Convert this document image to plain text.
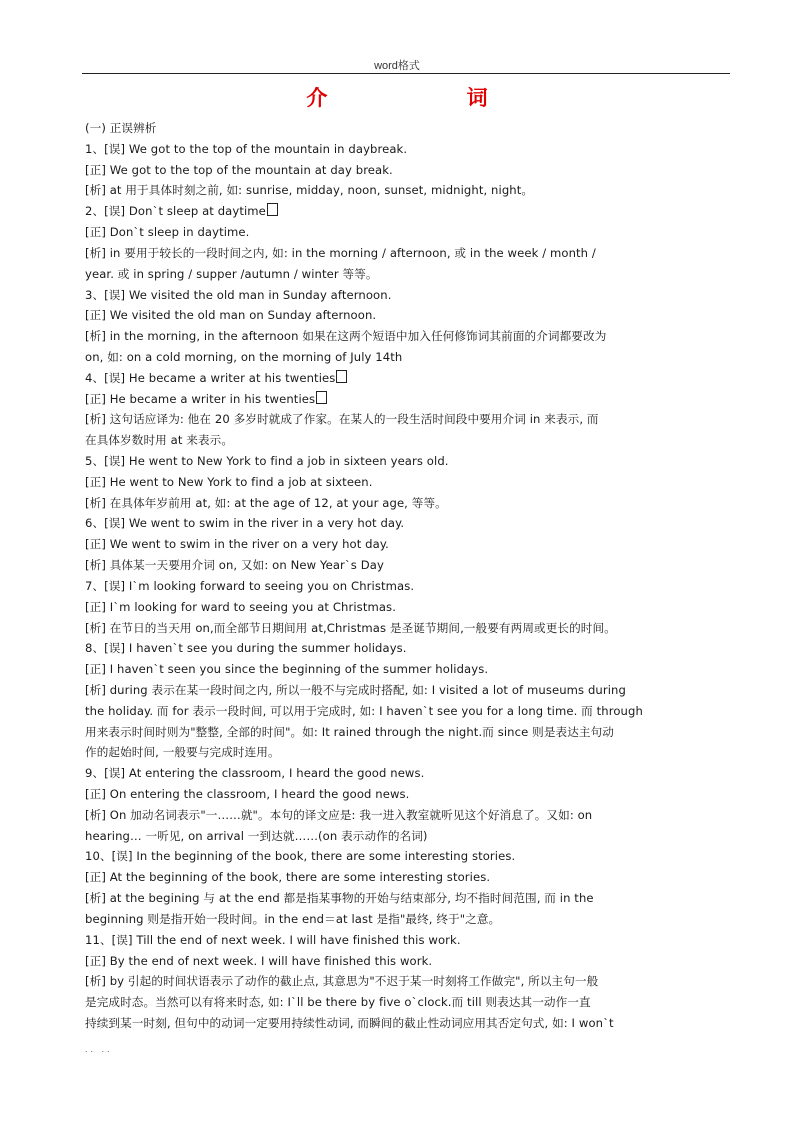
word格式
介 词
(一) 正误辨析
1、[误] We got to the top of the mountain in daybreak.
[正] We got to the top of the mountain at day break.
[析] at 用于具体时刻之前, 如: sunrise, midday, noon, sunset, midnight, night。
2、[误] Don`t sleep at daytime
[正] Don`t sleep in daytime.
[析] in 要用于较长的一段时间之内, 如: in the morning / afternoon, 或 in the week / month /
year. 或 in spring / supper /autumn / winter 等等。
3、[误] We visited the old man in Sunday afternoon.
[正] We visited the old man on Sunday afternoon.
[析] in the morning, in the afternoon 如果在这两个短语中加入任何修饰词其前面的介词都要改为
on, 如: on a cold morning, on the morning of July 14th
4、[误] He became a writer at his twenties
[正] He became a writer in his twenties
[析] 这句话应译为: 他在 20 多岁时就成了作家。在某人的一段生活时间段中要用介词 in 来表示, 而
在具体岁数时用 at 来表示。
5、[误] He went to New York to find a job in sixteen years old.
[正] He went to New York to find a job at sixteen.
[析] 在具体年岁前用 at, 如: at the age of 12, at your age, 等等。
6、[误] We went to swim in the river in a very hot day.
[正] We went to swim in the river on a very hot day.
[析] 具体某一天要用介词 on, 又如: on New Year`s Day
7、[误] I`m looking forward to seeing you on Christmas.
[正] I`m looking for ward to seeing you at Christmas.
[析] 在节日的当天用 on,而全部节日期间用 at,Christmas 是圣诞节期间,一般要有两周或更长的时间。
8、[误] I haven`t see you during the summer holidays.
[正] I haven`t seen you since the beginning of the summer holidays.
[析] during 表示在某一段时间之内, 所以一般不与完成时搭配, 如: I visited a lot of museums during
the holiday. 而 for 表示一段时间, 可以用于完成时, 如: I haven`t see you for a long time. 而 through
用来表示时间时则为"整整, 全部的时间"。如: It rained through the night.而 since 则是表达主句动
作的起始时间, 一般要与完成时连用。
9、[误] At entering the classroom, I heard the good news.
[正] On entering the classroom, I heard the good news.
[析] On 加动名词表示"一……就"。本句的译文应是: 我一进入教室就听见这个好消息了。又如: on
hearing… 一听见, on arrival 一到达就……(on 表示动作的名词)
10、[误] In the beginning of the book, there are some interesting stories.
[正] At the beginning of the book, there are some interesting stories.
[析] at the begining 与 at the end 都是指某事物的开始与结束部分, 均不指时间范围, 而 in the
beginning 则是指开始一段时间。in the end＝at last 是指"最终, 终于"之意。
11、[误] Till the end of next week. I will have finished this work.
[正] By the end of next week. I will have finished this work.
[析] by 引起的时间状语表示了动作的截止点, 其意思为"不迟于某一时刻将工作做完", 所以主句一般
是完成时态。当然可以有将来时态, 如: I`ll be there by five o`clock.而 till 则表达其一动作一直
持续到某一时刻, 但句中的动词一定要用持续性动词, 而瞬间的截止性动词应用其否定句式, 如: I won`t
.. ..
